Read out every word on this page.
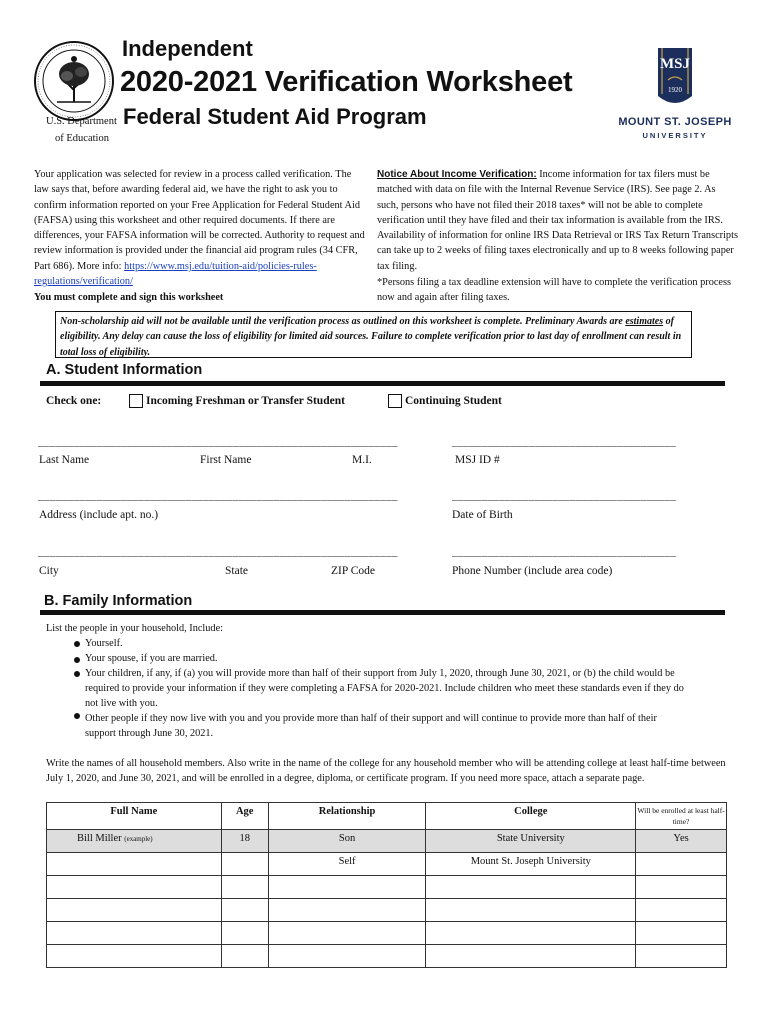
U.S. Department
of Education
Independent
2020-2021 Verification Worksheet
Federal Student Aid Program
MSJ
1920
MOUNT ST. JOSEPH
UNIVERSITY
Your application was selected for review in a process called verification. The law says that, before awarding federal aid, we have the right to ask you to confirm information reported on your Free Application for Federal Student Aid (FAFSA) using this worksheet and other required documents. If there are differences, your FAFSA information will be corrected. Authority to request and review information is provided under the financial aid program rules (34 CFR, Part 686). More info: https://www.msj.edu/tuition-aid/policies-rules-regulations/verification/
You must complete and sign this worksheet
Notice About Income Verification: Income information for tax filers must be matched with data on file with the Internal Revenue Service (IRS). See page 2. As such, persons who have not filed their 2018 taxes* will not be able to complete verification until they have filed and their tax information is available from the IRS. Availability of information for online IRS Data Retrieval or IRS Tax Return Transcripts can take up to 2 weeks of filing taxes electronically and up to 8 weeks following paper tax filing.
*Persons filing a tax deadline extension will have to complete the verification process now and again after filing taxes.
Non-scholarship aid will not be available until the verification process as outlined on this worksheet is complete. Preliminary Awards are estimates of eligibility. Any delay can cause the loss of eligibility for limited aid sources. Failure to complete verification prior to last day of enrollment can result in total loss of eligibility.
A. Student Information
Check one:	Incoming Freshman or Transfer Student	Continuing Student
_____________________________________________________________	______________________________________
Last Name	First Name	M.I.	MSJ ID #
_____________________________________________________________	______________________________________
Address (include apt. no.)	Date of Birth
_____________________________________________________________	______________________________________
City	State	ZIP Code	Phone Number (include area code)
B. Family Information
List the people in your household, Include:
Yourself.
Your spouse, if you are married.
Your children, if any, if (a) you will provide more than half of their support from July 1, 2020, through June 30, 2021, or (b) the child would be required to provide your information if they were completing a FAFSA for 2020-2021. Include children who meet these standards even if they do not live with you.
Other people if they now live with you and you provide more than half of their support and will continue to provide more than half of their support through June 30, 2021.
Write the names of all household members. Also write in the name of the college for any household member who will be attending college at least half-time between July 1, 2020, and June 30, 2021, and will be enrolled in a degree, diploma, or certificate program. If you need more space, attach a separate page.
Full Name	Age	Relationship	College	Will be enrolled at least half-time?
Bill Miller (example)	18	Son	State University	Yes
		Self	Mount St. Joseph University	
